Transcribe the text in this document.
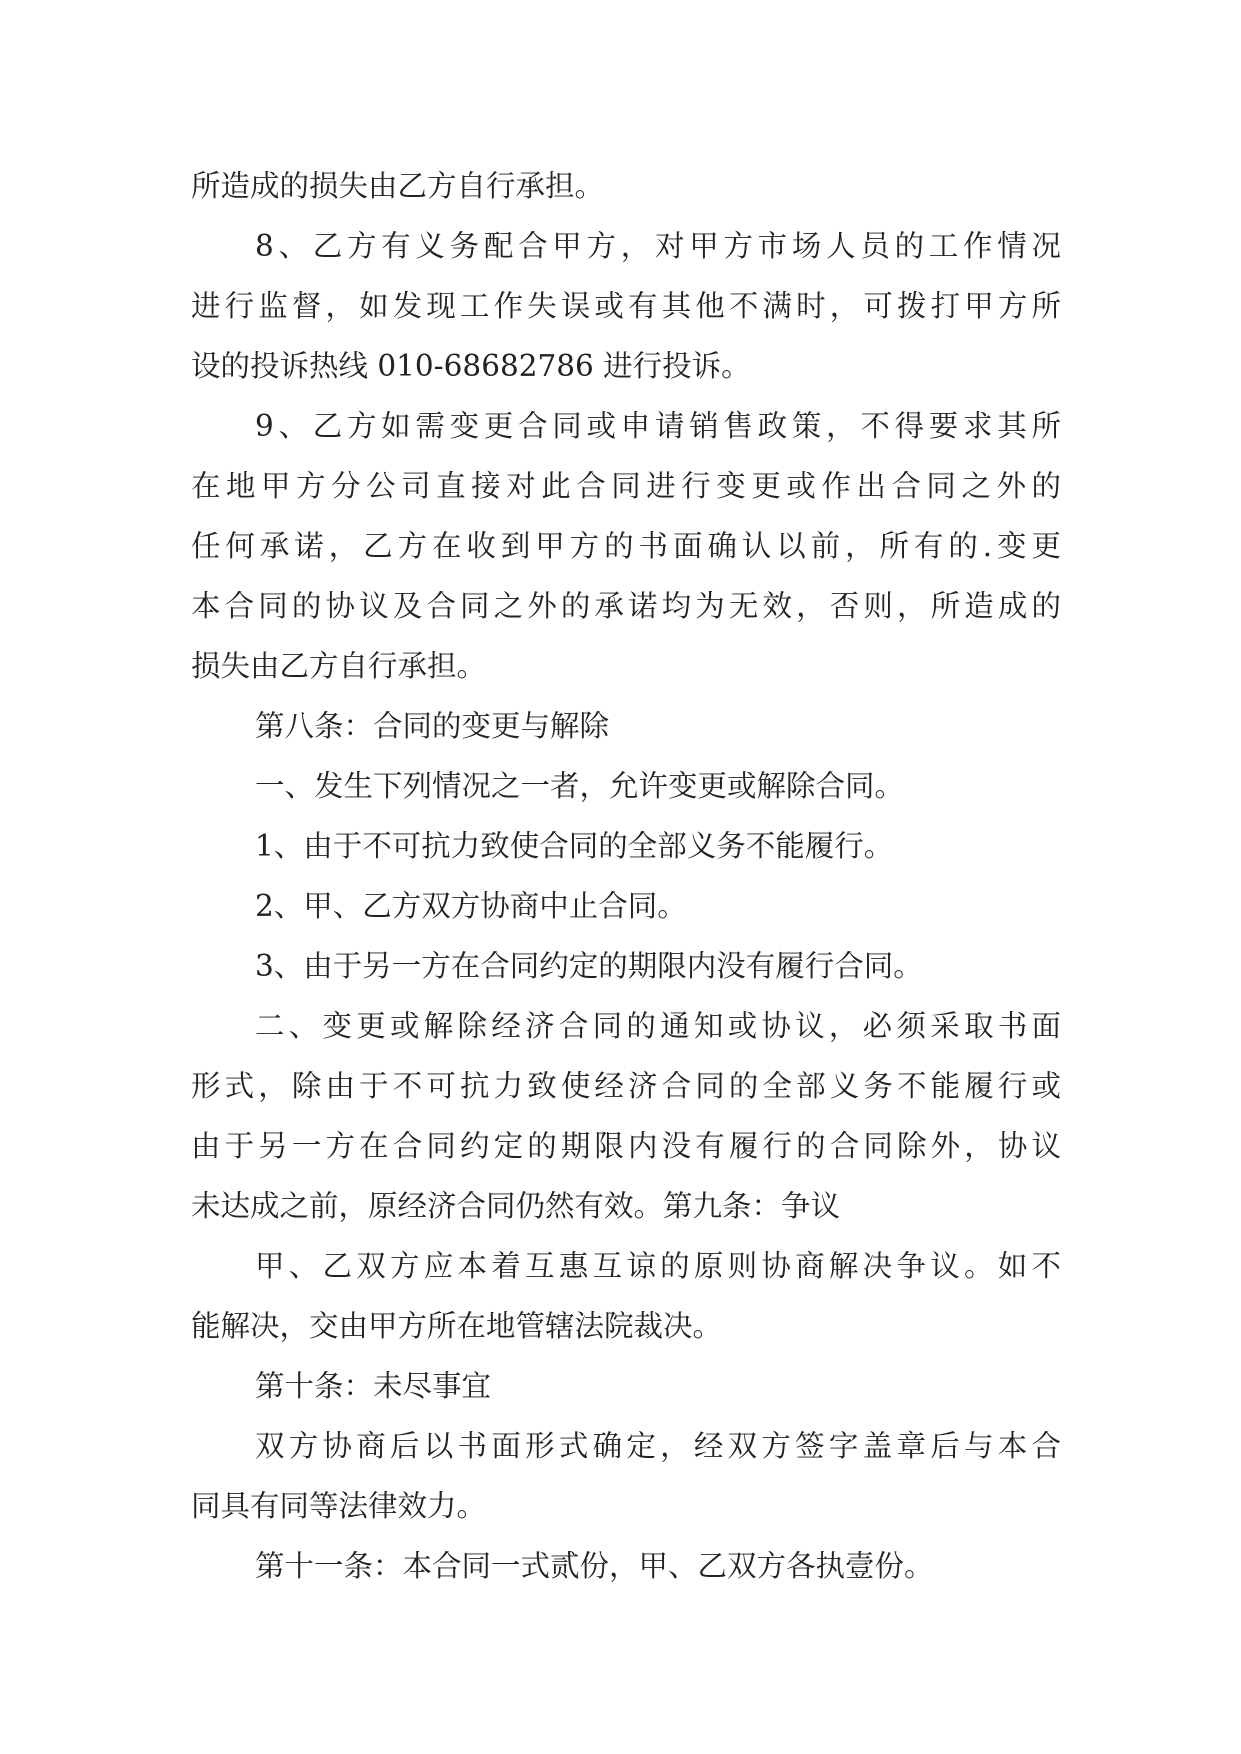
所造成的损失由乙方自行承担。
8、乙方有义务配合甲方，对甲方市场人员的工作情况
进行监督，如发现工作失误或有其他不满时，可拨打甲方所
设的投诉热线 010-68682786 进行投诉。
9、乙方如需变更合同或申请销售政策，不得要求其所
在地甲方分公司直接对此合同进行变更或作出合同之外的
任何承诺，乙方在收到甲方的书面确认以前，所有的.变更
本合同的协议及合同之外的承诺均为无效，否则，所造成的
损失由乙方自行承担。
第八条：合同的变更与解除
一、发生下列情况之一者，允许变更或解除合同。
1、由于不可抗力致使合同的全部义务不能履行。
2、甲、乙方双方协商中止合同。
3、由于另一方在合同约定的期限内没有履行合同。
二、变更或解除经济合同的通知或协议，必须采取书面
形式，除由于不可抗力致使经济合同的全部义务不能履行或
由于另一方在合同约定的期限内没有履行的合同除外，协议
未达成之前，原经济合同仍然有效。第九条：争议
甲、乙双方应本着互惠互谅的原则协商解决争议。如不
能解决，交由甲方所在地管辖法院裁决。
第十条：未尽事宜
双方协商后以书面形式确定，经双方签字盖章后与本合
同具有同等法律效力。
第十一条：本合同一式贰份，甲、乙双方各执壹份。
